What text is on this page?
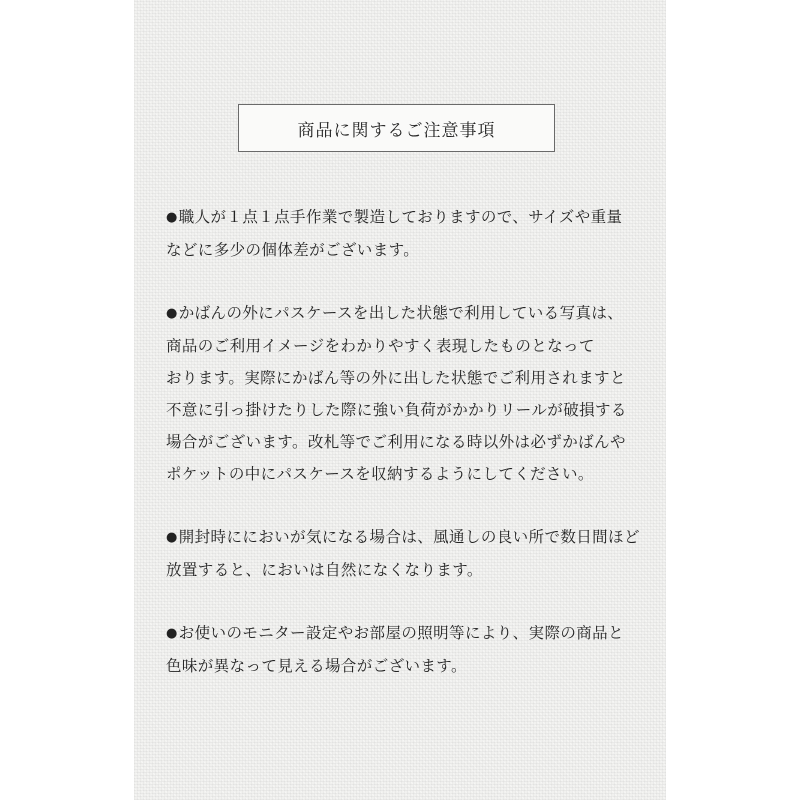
商品に関するご注意事項
●職人が１点１点手作業で製造しておりますので、サイズや重量
などに多少の個体差がございます。
●かばんの外にパスケースを出した状態で利用している写真は、
商品のご利用イメージをわかりやすく表現したものとなって
おります。実際にかばん等の外に出した状態でご利用されますと
不意に引っ掛けたりした際に強い負荷がかかりリールが破損する
場合がございます。改札等でご利用になる時以外は必ずかばんや
ポケットの中にパスケースを収納するようにしてください。
●開封時ににおいが気になる場合は、風通しの良い所で数日間ほど
放置すると、においは自然になくなります。
●お使いのモニター設定やお部屋の照明等により、実際の商品と
色味が異なって見える場合がございます。
